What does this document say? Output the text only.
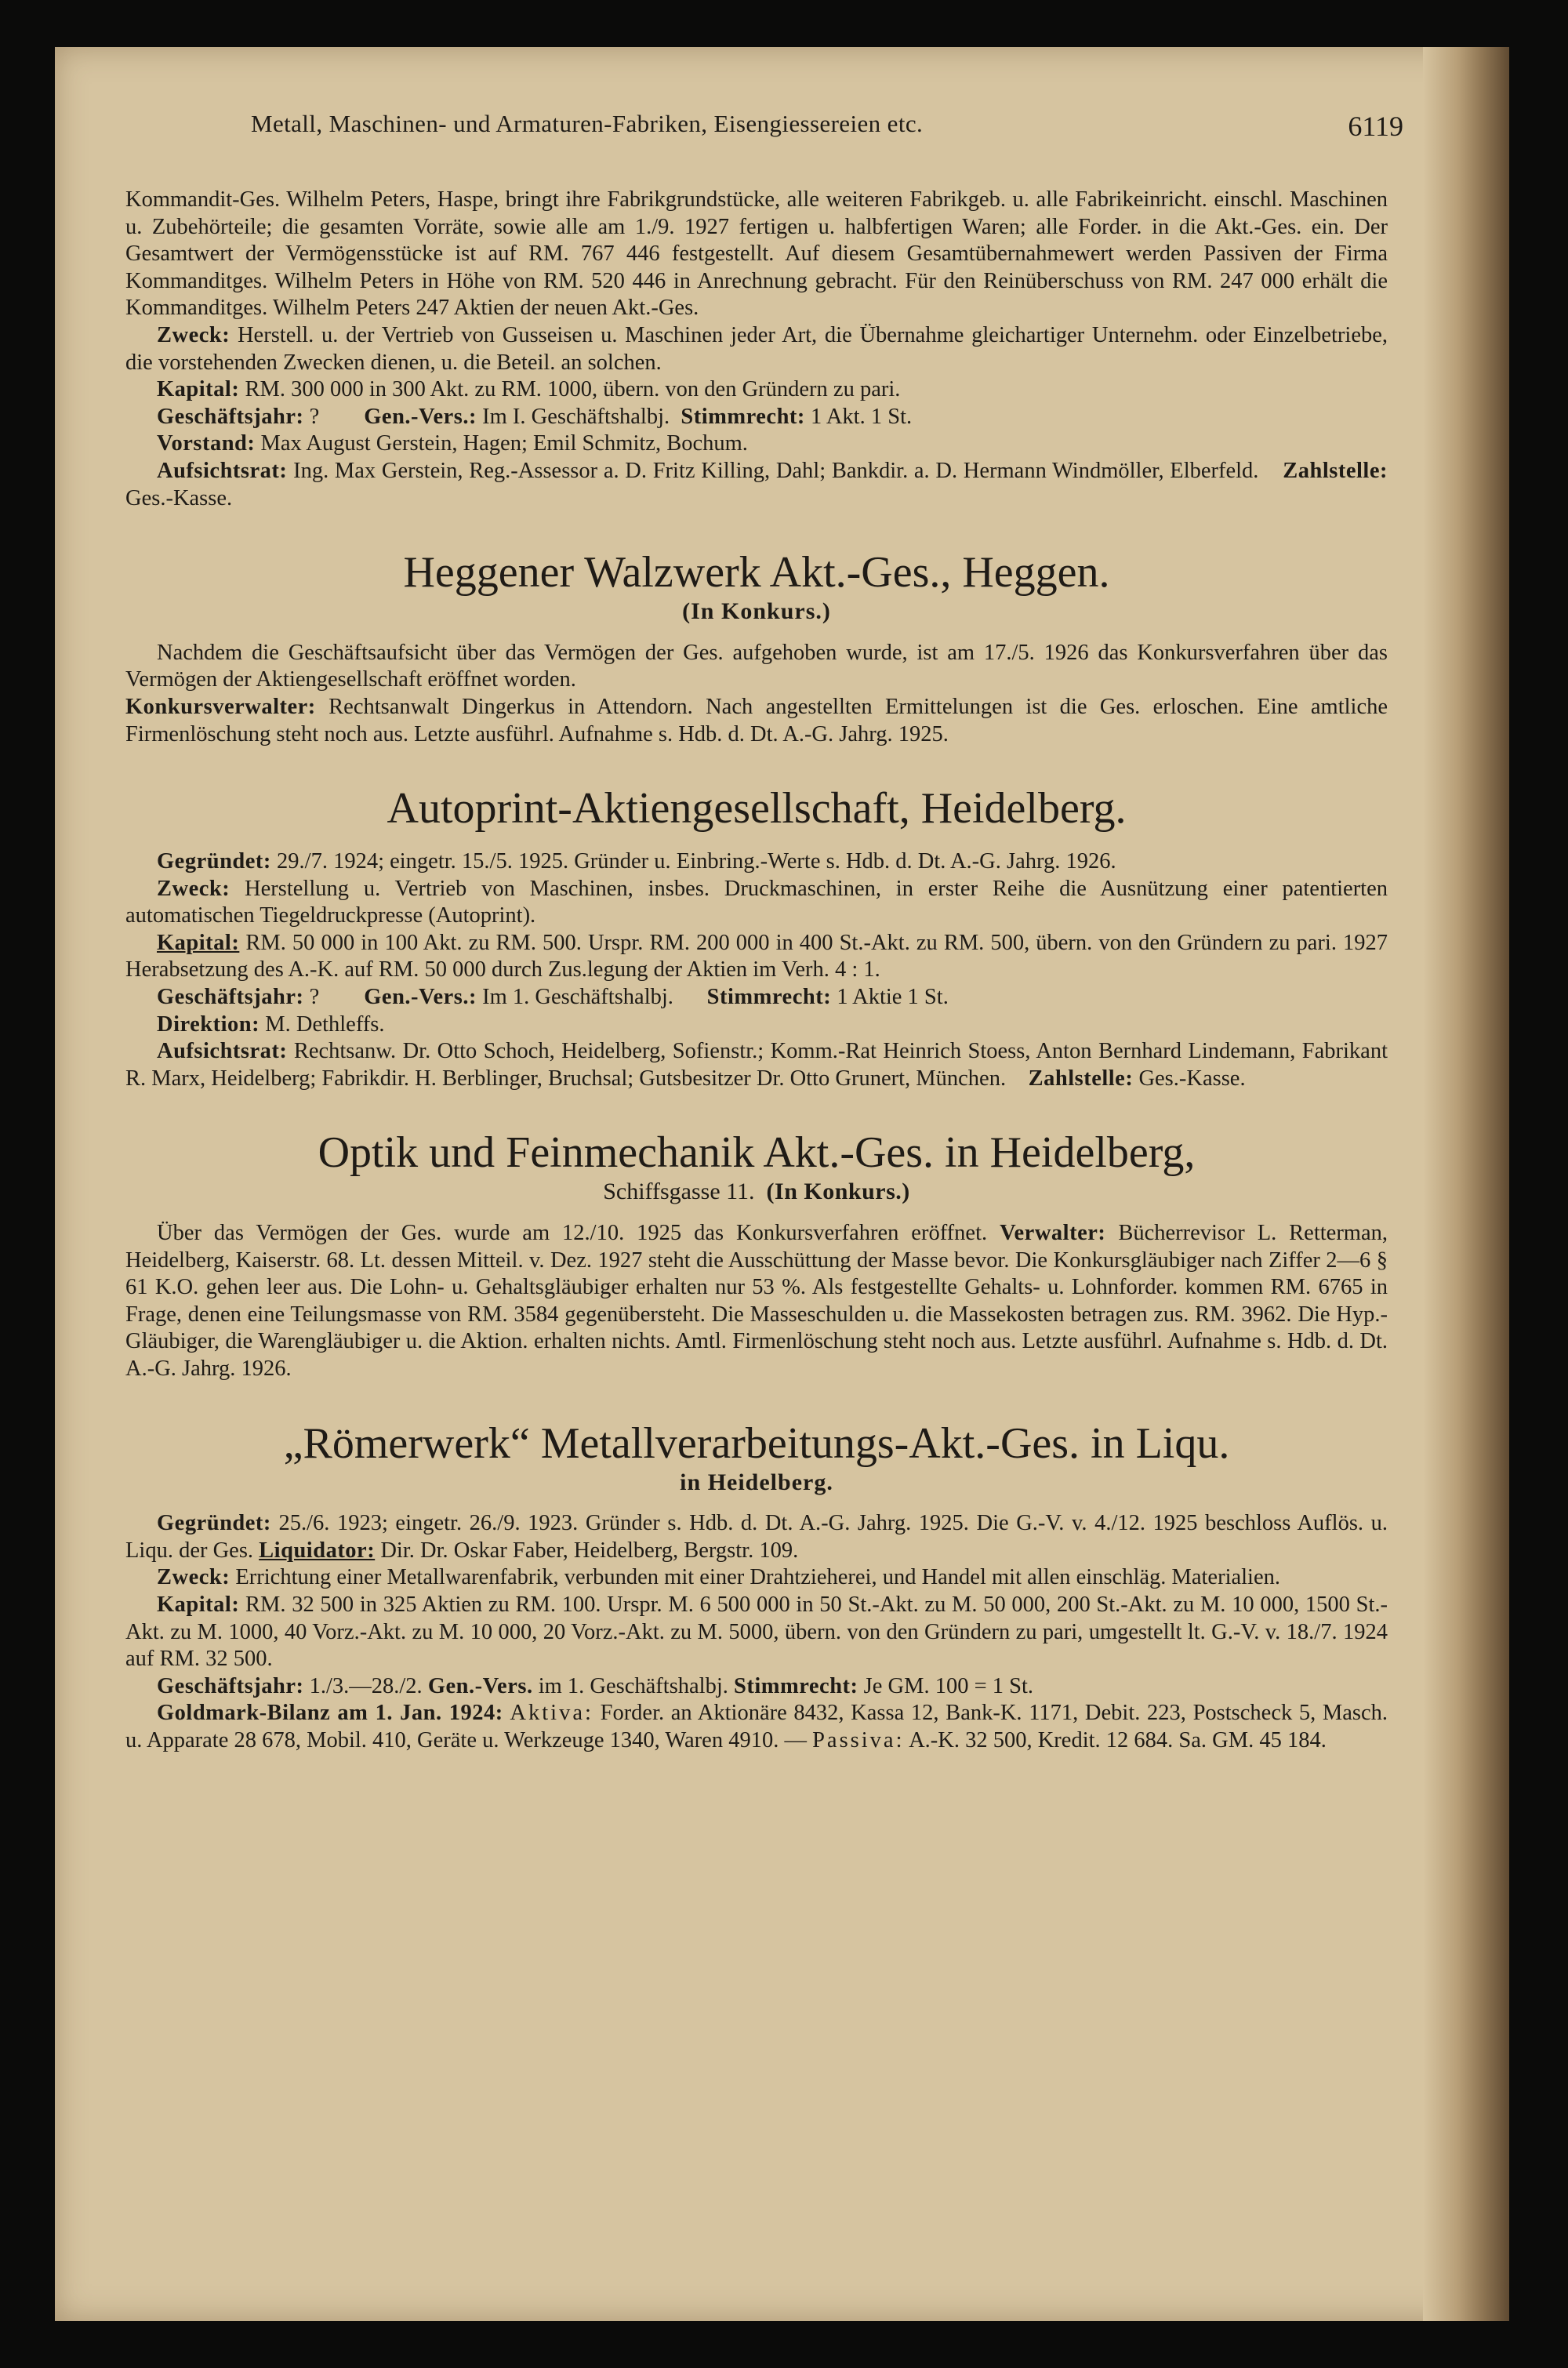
Metall, Maschinen- und Armaturen-Fabriken, Eisengiessereien etc.	6119

Kommandit-Ges. Wilhelm Peters, Haspe, bringt ihre Fabrikgrundstücke, alle weiteren Fabrikgeb. u. alle Fabrikeinricht. einschl. Maschinen u. Zubehörteile; die gesamten Vorräte, sowie alle am 1./9. 1927 fertigen u. halbfertigen Waren; alle Forder. in die Akt.-Ges. ein. Der Gesamtwert der Vermögensstücke ist auf RM. 767 446 festgestellt. Auf diesem Gesamtübernahmewert werden Passiven der Firma Kommanditges. Wilhelm Peters in Höhe von RM. 520 446 in Anrechnung gebracht. Für den Reinüberschuss von RM. 247 000 erhält die Kommanditges. Wilhelm Peters 247 Aktien der neuen Akt.-Ges.

Zweck: Herstell. u. der Vertrieb von Gusseisen u. Maschinen jeder Art, die Übernahme gleichartiger Unternehm. oder Einzelbetriebe, die vorstehenden Zwecken dienen, u. die Beteil. an solchen.

Kapital: RM. 300 000 in 300 Akt. zu RM. 1000, übern. von den Gründern zu pari.

Geschäftsjahr: ? Gen.-Vers.: Im I. Geschäftshalbj. Stimmrecht: 1 Akt. 1 St.

Vorstand: Max August Gerstein, Hagen; Emil Schmitz, Bochum.

Aufsichtsrat: Ing. Max Gerstein, Reg.-Assessor a. D. Fritz Killing, Dahl; Bankdir. a. D. Hermann Windmöller, Elberfeld. Zahlstelle: Ges.-Kasse.

Heggener Walzwerk Akt.-Ges., Heggen.
(In Konkurs.)

Nachdem die Geschäftsaufsicht über das Vermögen der Ges. aufgehoben wurde, ist am 17./5. 1926 das Konkursverfahren über das Vermögen der Aktiengesellschaft eröffnet worden.

Konkursverwalter: Rechtsanwalt Dingerkus in Attendorn. Nach angestellten Ermittelungen ist die Ges. erloschen. Eine amtliche Firmenlöschung steht noch aus. Letzte ausführl. Aufnahme s. Hdb. d. Dt. A.-G. Jahrg. 1925.

Autoprint-Aktiengesellschaft, Heidelberg.

Gegründet: 29./7. 1924; eingetr. 15./5. 1925. Gründer u. Einbring.-Werte s. Hdb. d. Dt. A.-G. Jahrg. 1926.

Zweck: Herstellung u. Vertrieb von Maschinen, insbes. Druckmaschinen, in erster Reihe die Ausnützung einer patentierten automatischen Tiegeldruckpresse (Autoprint).

Kapital: RM. 50 000 in 100 Akt. zu RM. 500. Urspr. RM. 200 000 in 400 St.-Akt. zu RM. 500, übern. von den Gründern zu pari. 1927 Herabsetzung des A.-K. auf RM. 50 000 durch Zus.legung der Aktien im Verh. 4 : 1.

Geschäftsjahr: ? Gen.-Vers.: Im 1. Geschäftshalbj. Stimmrecht: 1 Aktie 1 St.

Direktion: M. Dethleffs.

Aufsichtsrat: Rechtsanw. Dr. Otto Schoch, Heidelberg, Sofienstr.; Komm.-Rat Heinrich Stoess, Anton Bernhard Lindemann, Fabrikant R. Marx, Heidelberg; Fabrikdir. H. Berblinger, Bruchsal; Gutsbesitzer Dr. Otto Grunert, München. Zahlstelle: Ges.-Kasse.

Optik und Feinmechanik Akt.-Ges. in Heidelberg,
Schiffsgasse 11. (In Konkurs.)

Über das Vermögen der Ges. wurde am 12./10. 1925 das Konkursverfahren eröffnet. Verwalter: Bücherrevisor L. Retterman, Heidelberg, Kaiserstr. 68. Lt. dessen Mitteil. v. Dez. 1927 steht die Ausschüttung der Masse bevor. Die Konkursgläubiger nach Ziffer 2—6 § 61 K.O. gehen leer aus. Die Lohn- u. Gehaltsgläubiger erhalten nur 53 %. Als festgestellte Gehalts- u. Lohnforder. kommen RM. 6765 in Frage, denen eine Teilungsmasse von RM. 3584 gegenübersteht. Die Masseschulden u. die Massekosten betragen zus. RM. 3962. Die Hyp.-Gläubiger, die Warengläubiger u. die Aktion. erhalten nichts. Amtl. Firmenlöschung steht noch aus. Letzte ausführl. Aufnahme s. Hdb. d. Dt. A.-G. Jahrg. 1926.

„Römerwerk“ Metallverarbeitungs-Akt.-Ges. in Liqu.
in Heidelberg.

Gegründet: 25./6. 1923; eingetr. 26./9. 1923. Gründer s. Hdb. d. Dt. A.-G. Jahrg. 1925. Die G.-V. v. 4./12. 1925 beschloss Auflös. u. Liqu. der Ges. Liquidator: Dir. Dr. Oskar Faber, Heidelberg, Bergstr. 109.

Zweck: Errichtung einer Metallwarenfabrik, verbunden mit einer Drahtzieherei, und Handel mit allen einschläg. Materialien.

Kapital: RM. 32 500 in 325 Aktien zu RM. 100. Urspr. M. 6 500 000 in 50 St.-Akt. zu M. 50 000, 200 St.-Akt. zu M. 10 000, 1500 St.-Akt. zu M. 1000, 40 Vorz.-Akt. zu M. 10 000, 20 Vorz.-Akt. zu M. 5000, übern. von den Gründern zu pari, umgestellt lt. G.-V. v. 18./7. 1924 auf RM. 32 500.

Geschäftsjahr: 1./3.—28./2. Gen.-Vers. im 1. Geschäftshalbj. Stimmrecht: Je GM. 100 = 1 St.

Goldmark-Bilanz am 1. Jan. 1924: Aktiva: Forder. an Aktionäre 8432, Kassa 12, Bank-K. 1171, Debit. 223, Postscheck 5, Masch. u. Apparate 28 678, Mobil. 410, Geräte u. Werkzeuge 1340, Waren 4910. — Passiva: A.-K. 32 500, Kredit. 12 684. Sa. GM. 45 184.
